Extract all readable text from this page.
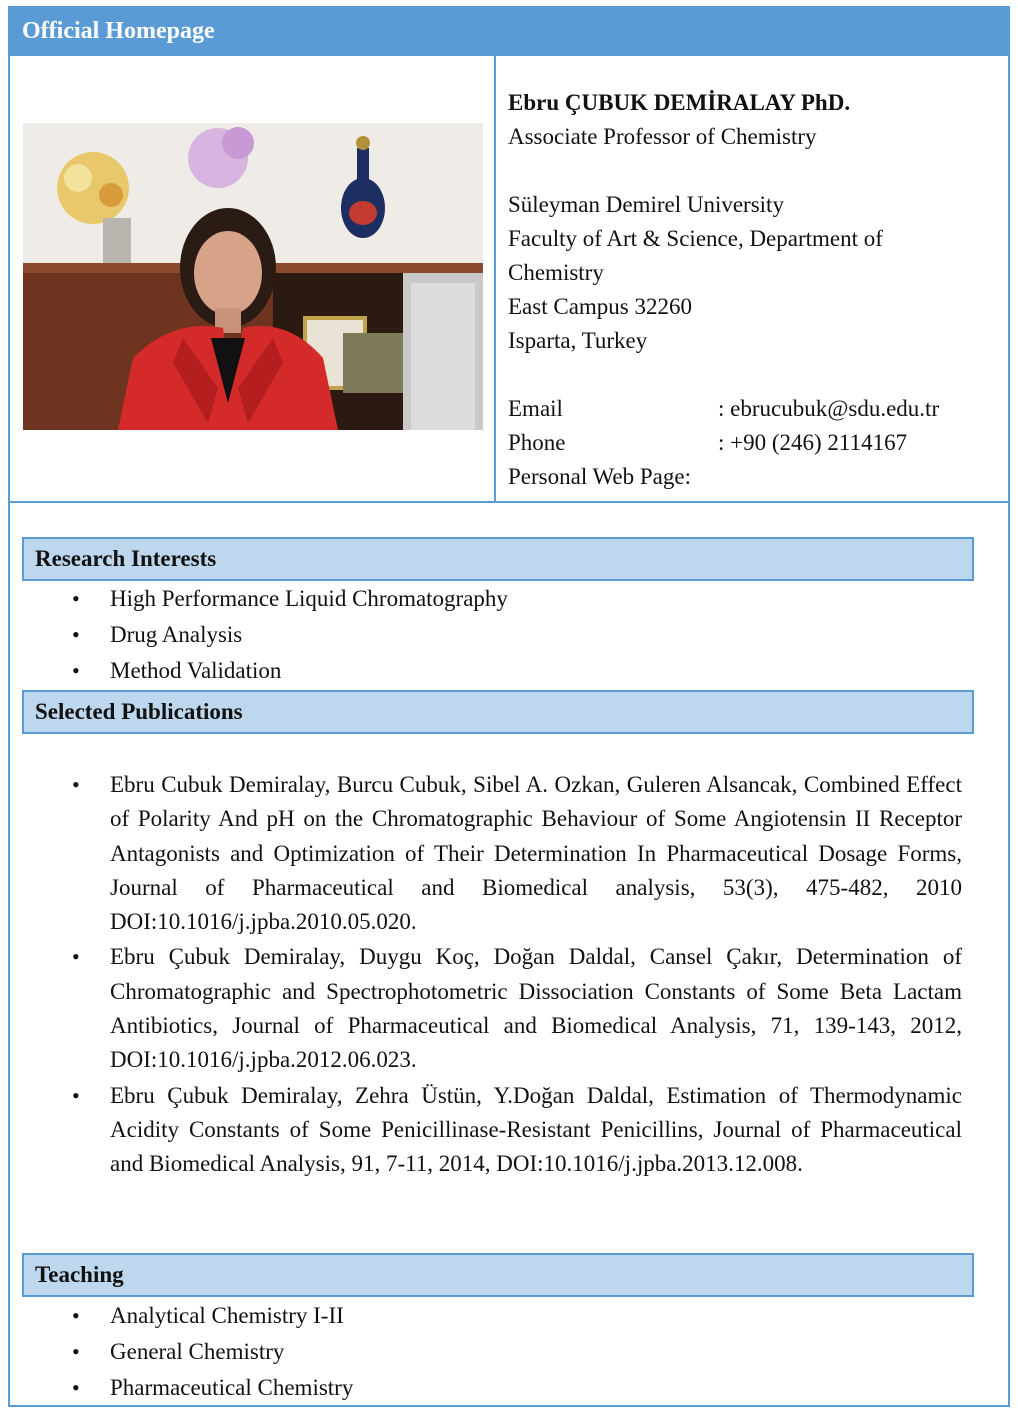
Official Homepage
Ebru ÇUBUK DEMİRALAY PhD.
Associate Professor of Chemistry
Süleyman Demirel University
Faculty of Art & Science, Department of
Chemistry
East Campus 32260
Isparta, Turkey
Email	: ebrucubuk@sdu.edu.tr
Phone	: +90 (246) 2114167
Personal Web Page:
Research Interests
• High Performance Liquid Chromatography
• Drug Analysis
• Method Validation
Selected Publications
• Ebru Cubuk Demiralay, Burcu Cubuk, Sibel A. Ozkan, Guleren Alsancak, Combined Effect of Polarity And pH on the Chromatographic Behaviour of Some Angiotensin II Receptor Antagonists and Optimization of Their Determination In Pharmaceutical Dosage Forms, Journal of Pharmaceutical and Biomedical analysis, 53(3), 475-482, 2010 DOI:10.1016/j.jpba.2010.05.020.
• Ebru Çubuk Demiralay, Duygu Koç, Doğan Daldal, Cansel Çakır, Determination of Chromatographic and Spectrophotometric Dissociation Constants of Some Beta Lactam Antibiotics, Journal of Pharmaceutical and Biomedical Analysis, 71, 139-143, 2012, DOI:10.1016/j.jpba.2012.06.023.
• Ebru Çubuk Demiralay, Zehra Üstün, Y.Doğan Daldal, Estimation of Thermodynamic Acidity Constants of Some Penicillinase-Resistant Penicillins, Journal of Pharmaceutical and Biomedical Analysis, 91, 7-11, 2014, DOI:10.1016/j.jpba.2013.12.008.
Teaching
• Analytical Chemistry I-II
• General Chemistry
• Pharmaceutical Chemistry
